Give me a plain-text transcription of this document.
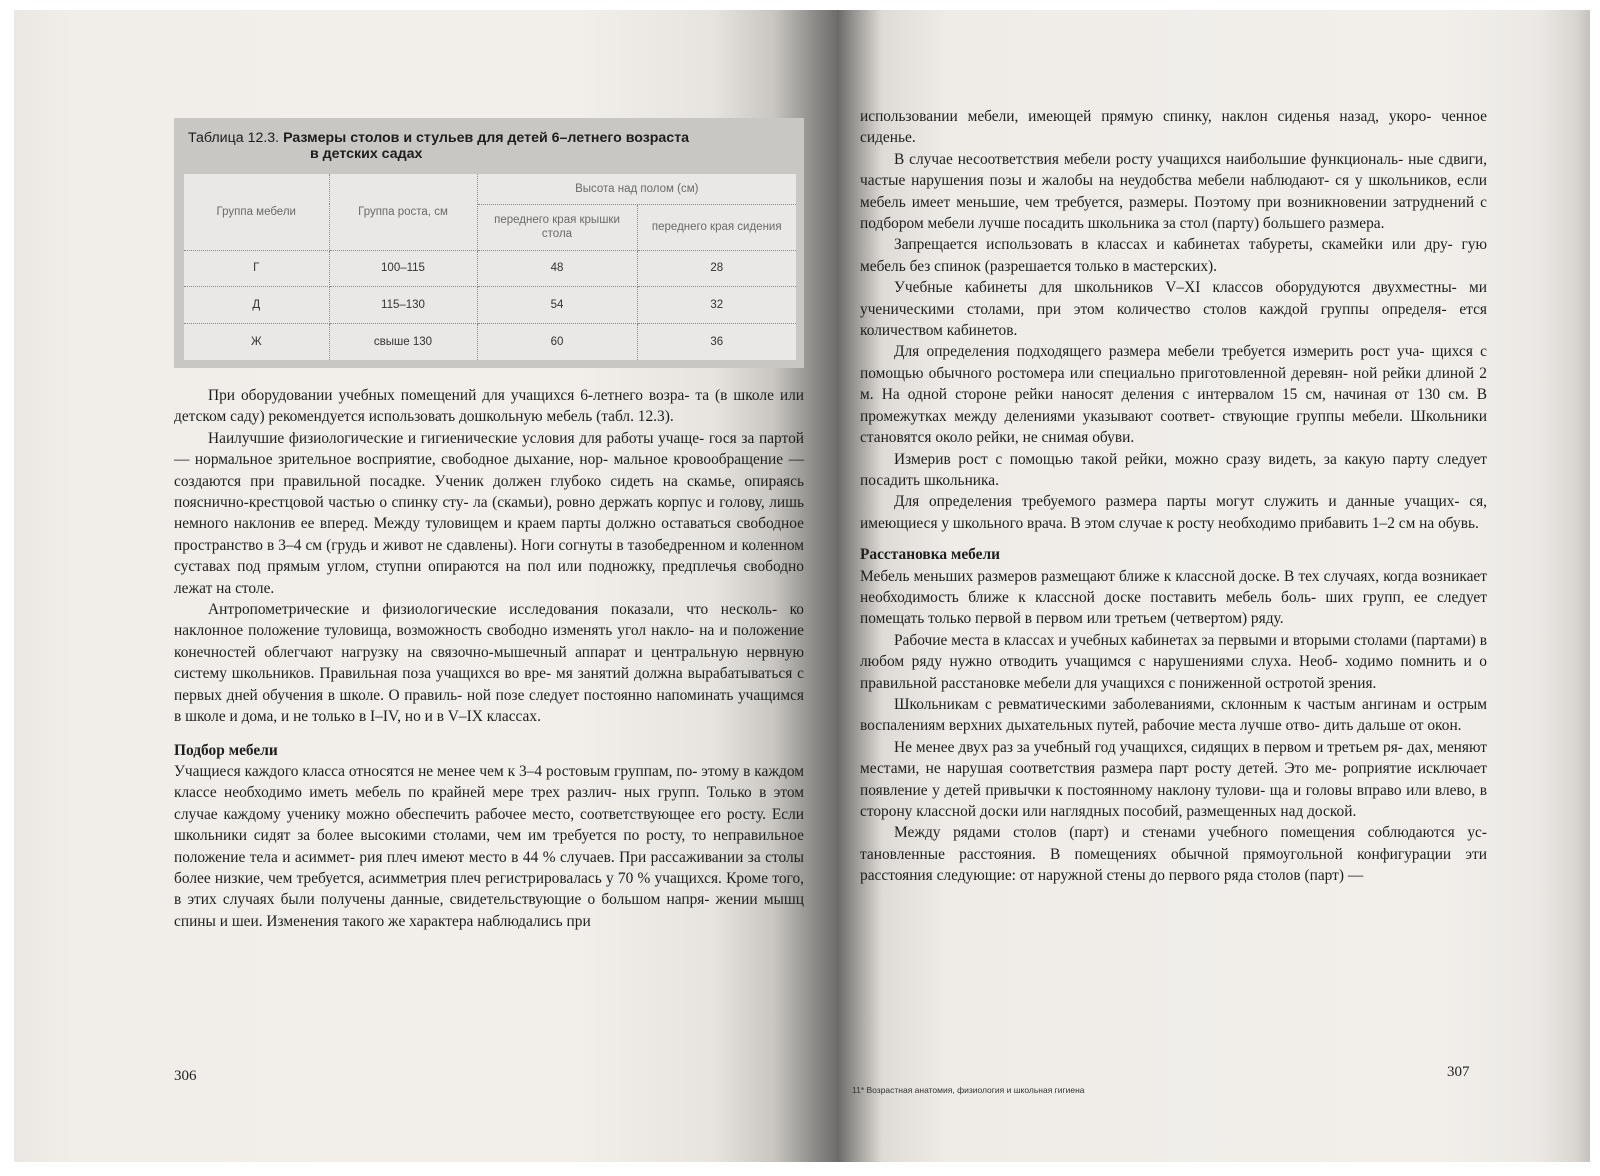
Таблица 12.3. Размеры столов и стульев для детей 6–летнего возраста
в детских садах
Группа мебели	Группа роста, см	Высота над полом (см)	
		переднего края крышки стола	переднего края сидения
Г	100–115	48	28
Д	115–130	54	32
Ж	свыше 130	60	36

При оборудовании учебных помещений для учащихся 6-летнего возра- та (в школе или детском саду) рекомендуется использовать дошкольную мебель (табл. 12.3).

Наилучшие физиологические и гигиенические условия для работы учаще- гося за партой — нормальное зрительное восприятие, свободное дыхание, нор- мальное кровообращение — создаются при правильной посадке. Ученик должен глубоко сидеть на скамье, опираясь пояснично-крестцовой частью о спинку сту- ла (скамьи), ровно держать корпус и голову, лишь немного наклонив ее вперед. Между туловищем и краем парты должно оставаться свободное пространство в 3–4 см (грудь и живот не сдавлены). Ноги согнуты в тазобедренном и коленном суставах под прямым углом, ступни опираются на пол или подножку, предплечья свободно лежат на столе.

Антропометрические и физиологические исследования показали, что несколь- ко наклонное положение туловища, возможность свободно изменять угол накло- на и положение конечностей облегчают нагрузку на связочно-мышечный аппарат и центральную нервную систему школьников. Правильная поза учащихся во вре- мя занятий должна вырабатываться с первых дней обучения в школе. О правиль- ной позе следует постоянно напоминать учащимся в школе и дома, и не только в I–IV, но и в V–IX классах.

Подбор мебели

Учащиеся каждого класса относятся не менее чем к 3–4 ростовым группам, по- этому в каждом классе необходимо иметь мебель по крайней мере трех различ- ных групп. Только в этом случае каждому ученику можно обеспечить рабочее место, соответствующее его росту. Если школьники сидят за более высокими столами, чем им требуется по росту, то неправильное положение тела и асиммет- рия плеч имеют место в 44 % случаев. При рассаживании за столы более низкие, чем требуется, асимметрия плеч регистрировалась у 70 % учащихся. Кроме того, в этих случаях были получены данные, свидетельствующие о большом напря- жении мышц спины и шеи. Изменения такого же характера наблюдались при

306

использовании мебели, имеющей прямую спинку, наклон сиденья назад, укоро- ченное сиденье.

В случае несоответствия мебели росту учащихся наибольшие функциональ- ные сдвиги, частые нарушения позы и жалобы на неудобства мебели наблюдают- ся у школьников, если мебель имеет меньшие, чем требуется, размеры. Поэтому при возникновении затруднений с подбором мебели лучше посадить школьника за стол (парту) большего размера.

Запрещается использовать в классах и кабинетах табуреты, скамейки или дру- гую мебель без спинок (разрешается только в мастерских).

Учебные кабинеты для школьников V–XI классов оборудуются двухместны- ми ученическими столами, при этом количество столов каждой группы определя- ется количеством кабинетов.

Для определения подходящего размера мебели требуется измерить рост уча- щихся с помощью обычного ростомера или специально приготовленной деревян- ной рейки длиной 2 м. На одной стороне рейки наносят деления с интервалом 15 см, начиная от 130 см. В промежутках между делениями указывают соответ- ствующие группы мебели. Школьники становятся около рейки, не снимая обуви.

Измерив рост с помощью такой рейки, можно сразу видеть, за какую парту следует посадить школьника.

Для определения требуемого размера парты могут служить и данные учащих- ся, имеющиеся у школьного врача. В этом случае к росту необходимо прибавить 1–2 см на обувь.

Расстановка мебели

Мебель меньших размеров размещают ближе к классной доске. В тех случаях, когда возникает необходимость ближе к классной доске поставить мебель боль- ших групп, ее следует помещать только первой в первом или третьем (четвертом) ряду.

Рабочие места в классах и учебных кабинетах за первыми и вторыми столами (партами) в любом ряду нужно отводить учащимся с нарушениями слуха. Необ- ходимо помнить и о правильной расстановке мебели для учащихся с пониженной остротой зрения.

Школьникам с ревматическими заболеваниями, склонным к частым ангинам и острым воспалениям верхних дыхательных путей, рабочие места лучше отво- дить дальше от окон.

Не менее двух раз за учебный год учащихся, сидящих в первом и третьем ря- дах, меняют местами, не нарушая соответствия размера парт росту детей. Это ме- роприятие исключает появление у детей привычки к постоянному наклону тулови- ща и головы вправо или влево, в сторону классной доски или наглядных пособий, размещенных над доской.

Между рядами столов (парт) и стенами учебного помещения соблюдаются ус- тановленные расстояния. В помещениях обычной прямоугольной конфигурации эти расстояния следующие: от наружной стены до первого ряда столов (парт) —

307
11* Возрастная анатомия, физиология и школьная гигиена
